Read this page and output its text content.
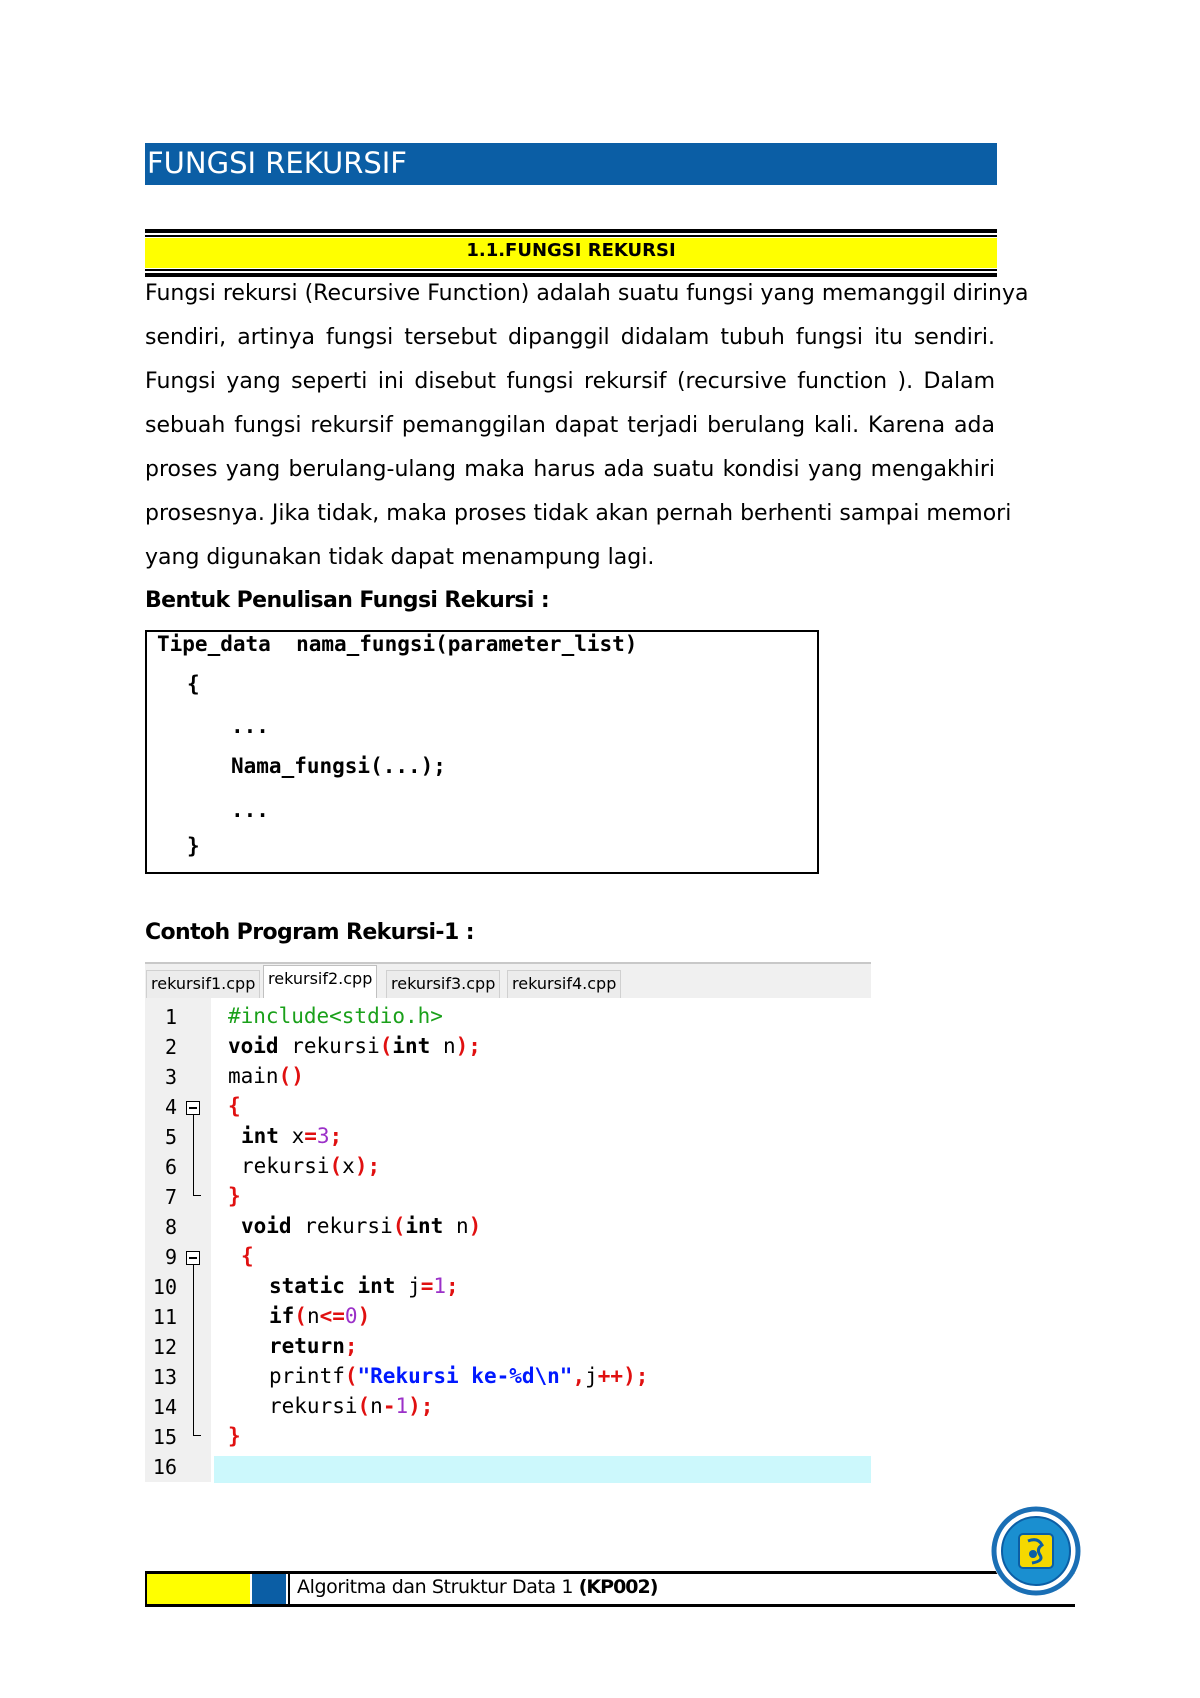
FUNGSI REKURSIF
1.1.FUNGSI REKURSI
Fungsi rekursi (Recursive Function) adalah suatu fungsi yang memanggil dirinya
sendiri, artinya fungsi tersebut dipanggil didalam tubuh fungsi itu sendiri.
Fungsi yang seperti ini disebut fungsi rekursif (recursive function ). Dalam
sebuah fungsi rekursif pemanggilan dapat terjadi berulang kali. Karena ada
proses yang berulang-ulang maka harus ada suatu kondisi yang mengakhiri
prosesnya. Jika tidak, maka proses tidak akan pernah berhenti sampai memori
yang digunakan tidak dapat menampung lagi.
Bentuk Penulisan Fungsi Rekursi :
Tipe_data  nama_fungsi(parameter_list)
{
...
Nama_fungsi(...);
...
}
Contoh Program Rekursi-1 :
rekursif1.cpp rekursif2.cpp	rekursif3.cpp	rekursif4.cpp
1
2
3
4
5
6
7
8
9
10
11
12
13
14
15
16
#include<stdio.h>
void rekursi(int n);
main()
{
int x=3;
rekursi(x);
}
void rekursi(int n)
{
static int j=1;
if(n<=0)
return;
printf("Rekursi ke-%d\n",j++);
rekursi(n-1);
}
Algoritma dan Struktur Data 1 (KP002)
